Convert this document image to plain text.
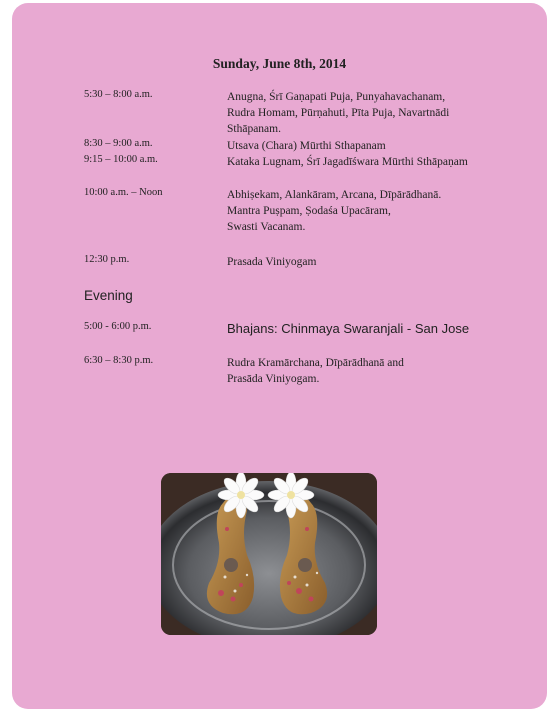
Sunday, June 8th, 2014
5:30 – 8:00 a.m.	Anugna, Śrī Gaṇapati Puja, Punyahavachanam,
Rudra Homam, Pūrṇahuti, Pīta Puja, Navartnādi
Sthāpanam.
8:30 – 9:00 a.m.	Utsava (Chara) Mūrthi Sthapanam
9:15 – 10:00 a.m.	Kataka Lugnam, Śrī Jagadīśwara Mūrthi Sthāpaṇam
10:00 a.m. – Noon	Abhiṣekam, Alankāram, Arcana, Dīpārādhanā.
Mantra Puṣpam, Ṣodaśa Upacāram,
Swasti Vacanam.
12:30 p.m.	Prasada Viniyogam
Evening
5:00 - 6:00 p.m.	Bhajans: Chinmaya Swaranjali - San Jose
6:30 – 8:30 p.m.	Rudra Kramārchana, Dīpārādhanā and
Prasāda Viniyogam.
